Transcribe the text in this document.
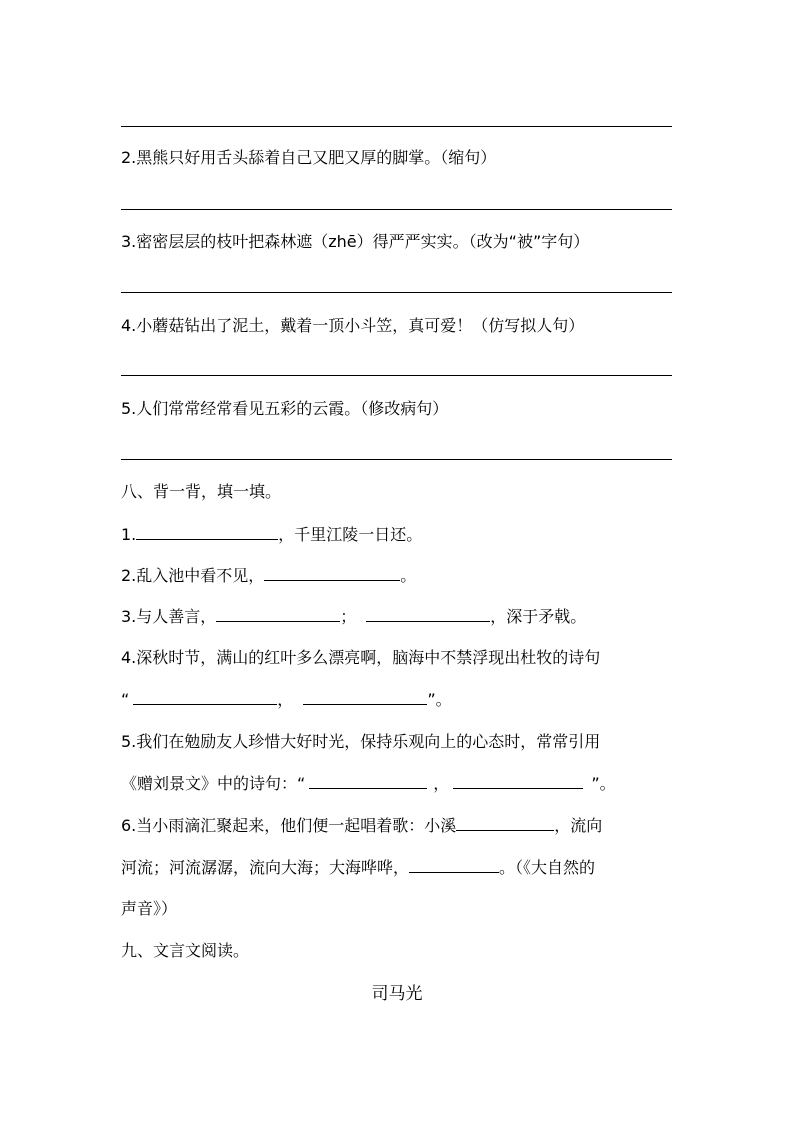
2.黑熊只好用舌头舔着自己又肥又厚的脚掌。（缩句）
3.密密层层的枝叶把森林遮（zhē）得严严实实。（改为“被”字句）
4.小蘑菇钻出了泥土，戴着一顶小斗笠，真可爱！（仿写拟人句）
5.人们常常经常看见五彩的云霞。（修改病句）
八、背一背，填一填。
1.	，千里江陵一日还。
2.乱入池中看不见，	。
3.与人善言，	；	，深于矛戟。
4.深秋时节，满山的红叶多么漂亮啊，脑海中不禁浮现出杜牧的诗句
“	，	”。
5.我们在勉励友人珍惜大好时光，保持乐观向上的心态时，常常引用
《赠刘景文》中的诗句：“	，	”。
6.当小雨滴汇聚起来，他们便一起唱着歌：小溪	，流向
河流；河流潺潺，流向大海；大海哗哗，	。（《大自然的
声音》）
九、文言文阅读。
司马光
